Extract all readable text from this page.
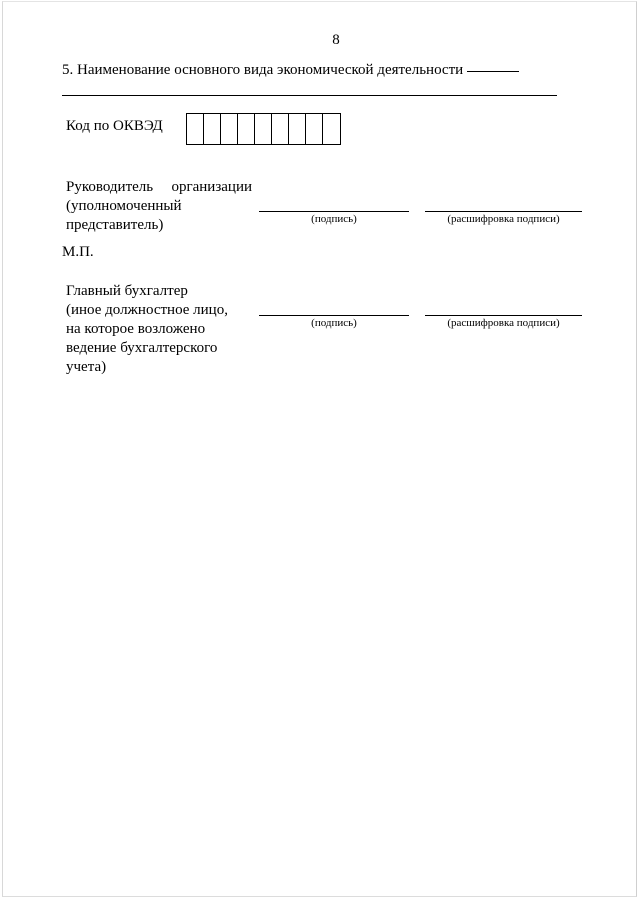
8
5. Наименование основного вида экономической деятельности
Код по ОКВЭД
Руководитель организации
(уполномоченный
представитель)	(подпись)	(расшифровка подписи)
М.П.
Главный бухгалтер
(иное должностное лицо,
на которое возложено
ведение бухгалтерского
учета)
(подпись)	(расшифровка подписи)
